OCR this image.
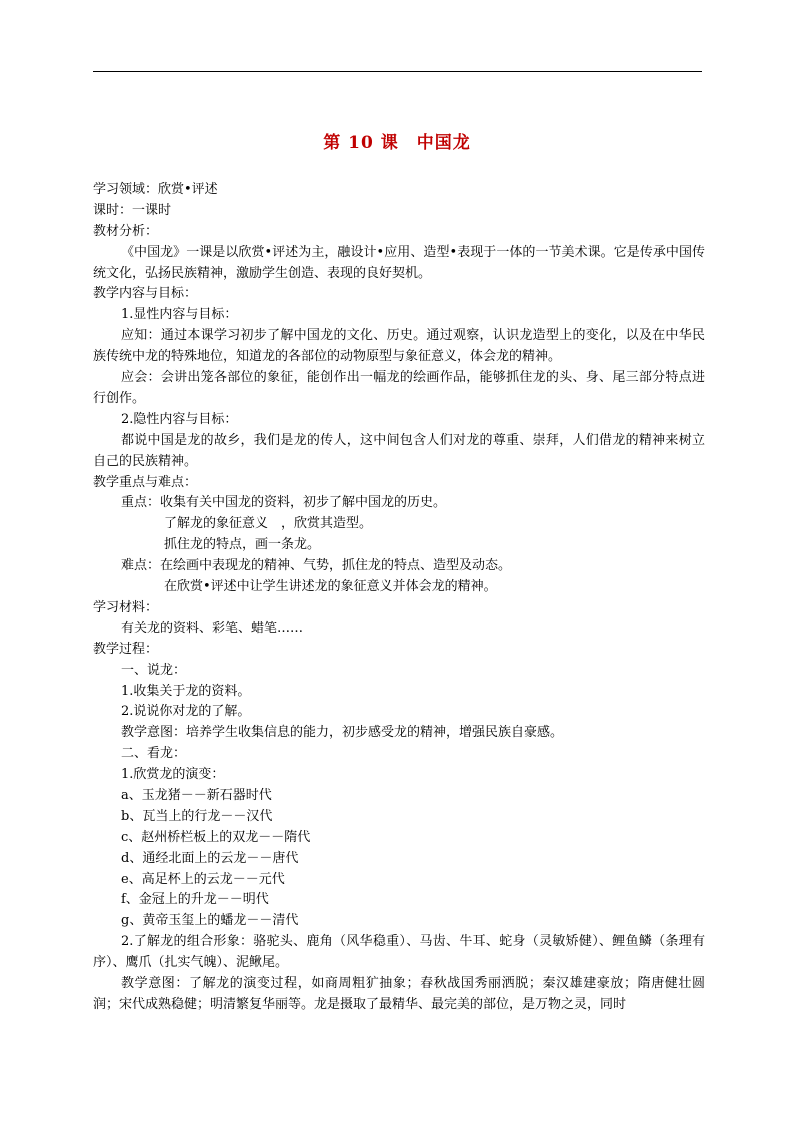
第 10 课　中国龙
学习领域：欣赏•评述
课时：一课时
教材分析：
《中国龙》一课是以欣赏•评述为主，融设计•应用、造型•表现于一体的一节美术课。它是传承中国传统文化，弘扬民族精神，激励学生创造、表现的良好契机。
教学内容与目标：
1.显性内容与目标：
应知：通过本课学习初步了解中国龙的文化、历史。通过观察，认识龙造型上的变化，以及在中华民族传统中龙的特殊地位，知道龙的各部位的动物原型与象征意义，体会龙的精神。
应会：会讲出笼各部位的象征，能创作出一幅龙的绘画作品，能够抓住龙的头、身、尾三部分特点进行创作。
2.隐性内容与目标：
都说中国是龙的故乡，我们是龙的传人，这中间包含人们对龙的尊重、崇拜，人们借龙的精神来树立自己的民族精神。
教学重点与难点：
重点：收集有关中国龙的资料，初步了解中国龙的历史。
了解龙的象征意义　，欣赏其造型。
抓住龙的特点，画一条龙。
难点：在绘画中表现龙的精神、气势，抓住龙的特点、造型及动态。
在欣赏•评述中让学生讲述龙的象征意义并体会龙的精神。
学习材料：
有关龙的资料、彩笔、蜡笔……
教学过程：
一、说龙：
1.收集关于龙的资料。
2.说说你对龙的了解。
教学意图：培养学生收集信息的能力，初步感受龙的精神，增强民族自豪感。
二、看龙：
1.欣赏龙的演变：
a、玉龙猪－－新石器时代
b、瓦当上的行龙－－汉代
c、赵州桥栏板上的双龙－－隋代
d、通经北面上的云龙－－唐代
e、高足杯上的云龙－－元代
f、金冠上的升龙－－明代
g、黄帝玉玺上的蟠龙－－清代
2.了解龙的组合形象：骆驼头、鹿角（风华稳重）、马齿、牛耳、蛇身（灵敏矫健）、鲤鱼鳞（条理有序）、鹰爪（扎实气魄）、泥鳅尾。
教学意图：了解龙的演变过程，如商周粗犷抽象；春秋战国秀丽洒脱；秦汉雄建豪放；隋唐健壮圆润；宋代成熟稳健；明清繁复华丽等。龙是摄取了最精华、最完美的部位，是万物之灵，同时
